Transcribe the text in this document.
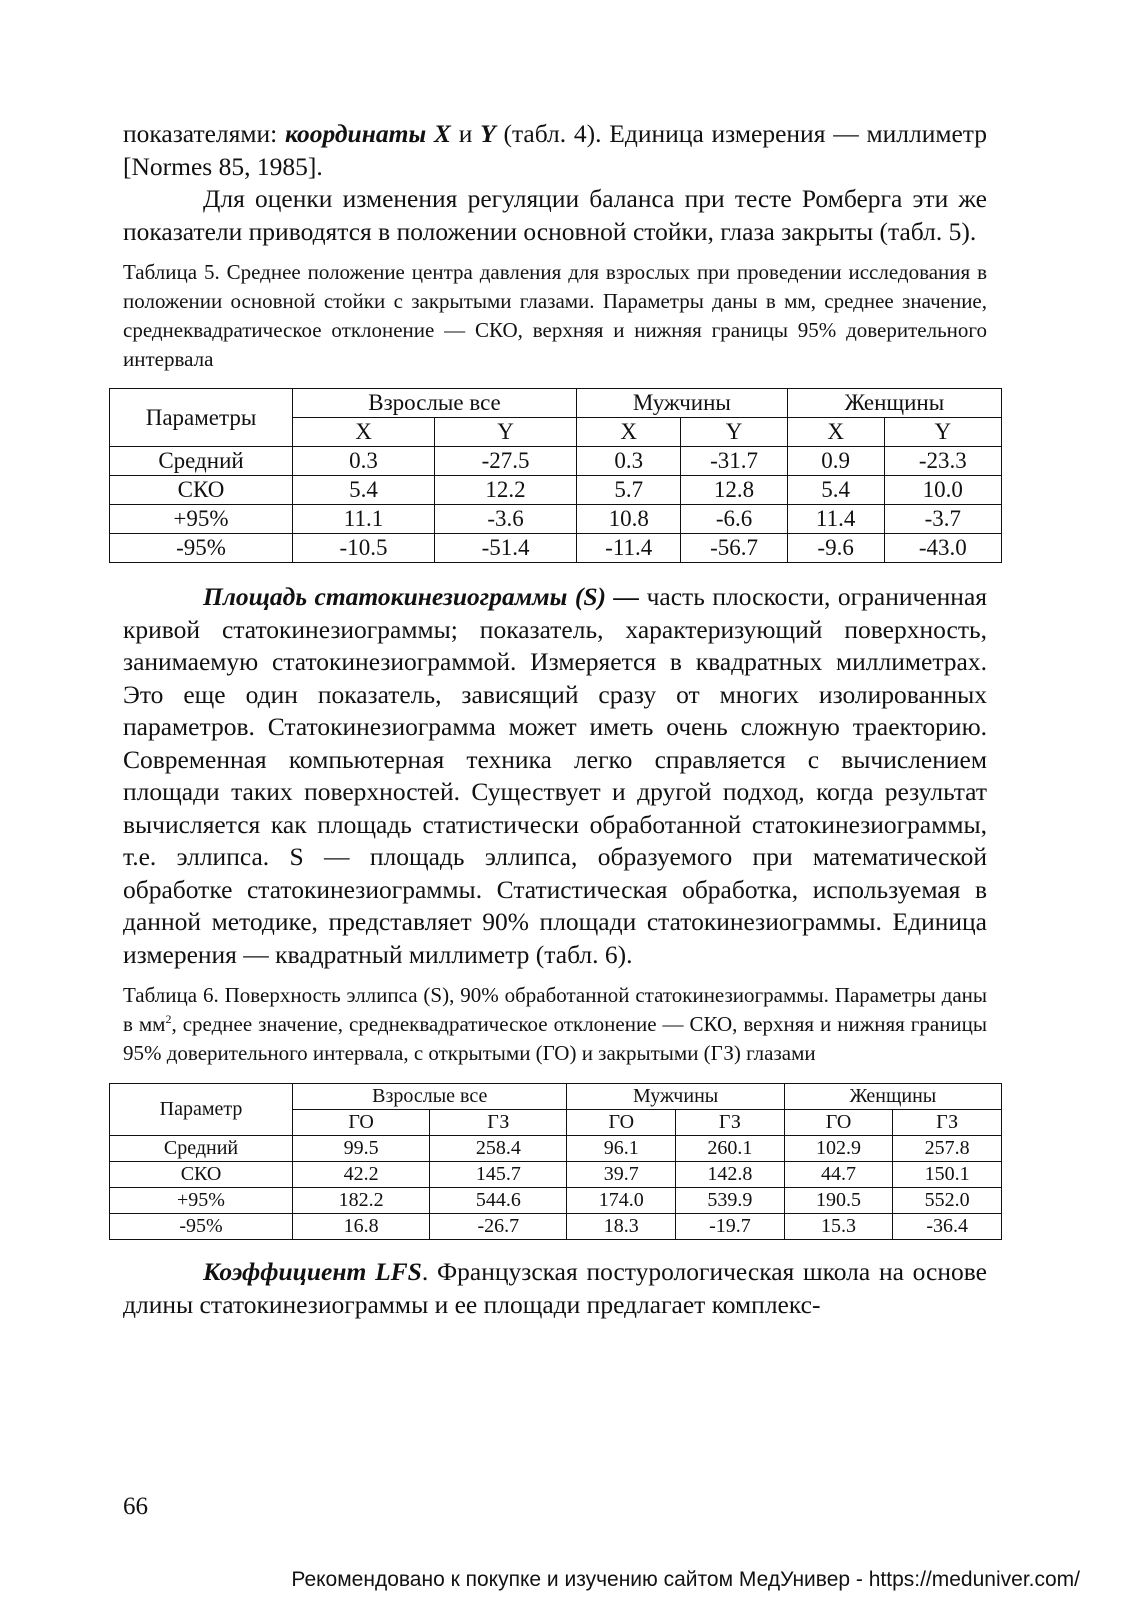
показателями: координаты X и Y (табл. 4). Единица измерения — миллиметр [Normes 85, 1985].

Для оценки изменения регуляции баланса при тесте Ромберга эти же показатели приводятся в положении основной стойки, глаза закрыты (табл. 5).

Таблица 5. Среднее положение центра давления для взрослых при проведении исследования в положении основной стойки с закрытыми глазами. Параметры даны в мм, среднее значение, среднеквадратическое отклонение — СКО, верхняя и нижняя границы 95% доверительного интервала

Параметры	Взрослые все		Мужчины		Женщины	
	X	Y	X	Y	X	Y
Средний	0.3	-27.5	0.3	-31.7	0.9	-23.3
СКО	5.4	12.2	5.7	12.8	5.4	10.0
+95%	11.1	-3.6	10.8	-6.6	11.4	-3.7
-95%	-10.5	-51.4	-11.4	-56.7	-9.6	-43.0

Площадь статокинезиограммы (S) — часть плоскости, ограниченная кривой статокинезиограммы; показатель, характеризующий поверхность, занимаемую статокинезиограммой. Измеряется в квадратных миллиметрах. Это еще один показатель, зависящий сразу от многих изолированных параметров. Статокинезиограмма может иметь очень сложную траекторию. Современная компьютерная техника легко справляется с вычислением площади таких поверхностей. Существует и другой подход, когда результат вычисляется как площадь статистически обработанной статокинезиограммы, т.е. эллипса. S — площадь эллипса, образуемого при математической обработке статокинезиограммы. Статистическая обработка, используемая в данной методике, представляет 90% площади статокинезиограммы. Единица измерения — квадратный миллиметр (табл. 6).

Таблица 6. Поверхность эллипса (S), 90% обработанной статокинезиограммы. Параметры даны в $мм^2$, среднее значение, среднеквадратическое отклонение — СКО, верхняя и нижняя границы 95% доверительного интервала, с открытыми (ГО) и закрытыми (ГЗ) глазами

Параметр	Взрослые все		Мужчины		Женщины	
	ГО	ГЗ	ГО	ГЗ	ГО	ГЗ
Средний	99.5	258.4	96.1	260.1	102.9	257.8
СКО	42.2	145.7	39.7	142.8	44.7	150.1
+95%	182.2	544.6	174.0	539.9	190.5	552.0
-95%	16.8	-26.7	18.3	-19.7	15.3	-36.4

Коэффициент LFS. Французская постурологическая школа на основе длины статокинезиограммы и ее площади предлагает комплекс-

66
Рекомендовано к покупке и изучению сайтом МедУнивер - https://meduniver.com/
